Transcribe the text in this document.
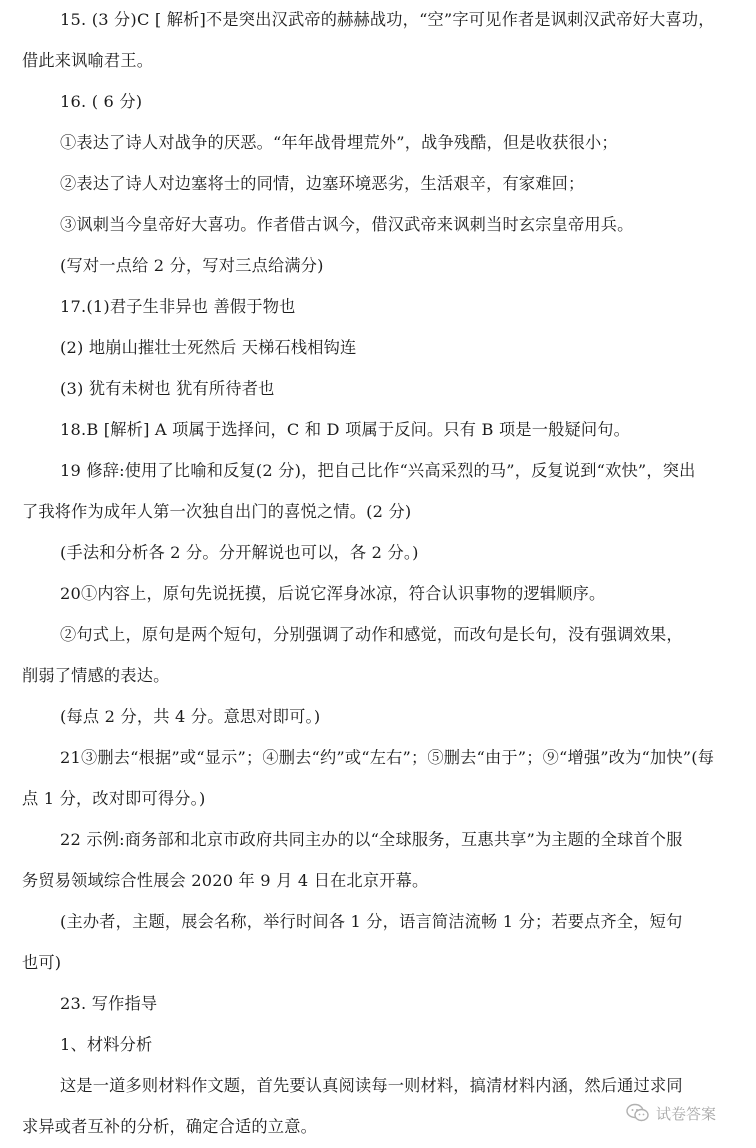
15. (3 分)C [ 解析]不是突出汉武帝的赫赫战功，“空”字可见作者是讽刺汉武帝好大喜功，
借此来讽喻君王。
16. ( 6 分)
①表达了诗人对战争的厌恶。“年年战骨埋荒外”，战争残酷，但是收获很小；
②表达了诗人对边塞将士的同情，边塞环境恶劣，生活艰辛，有家难回；
③讽刺当今皇帝好大喜功。作者借古讽今，借汉武帝来讽刺当时玄宗皇帝用兵。
(写对一点给 2 分，写对三点给满分)
17.(1)君子生非异也 善假于物也
(2) 地崩山摧壮士死然后 天梯石栈相钩连
(3) 犹有未树也 犹有所待者也
18.B [解析] A 项属于选择问，C 和 D 项属于反问。只有 B 项是一般疑问句。
19 修辞:使用了比喻和反复(2 分)，把自己比作“兴高采烈的马”，反复说到“欢快”，突出
了我将作为成年人第一次独自出门的喜悦之情。(2 分)
(手法和分析各 2 分。分开解说也可以，各 2 分。)
20①内容上，原句先说抚摸，后说它浑身冰凉，符合认识事物的逻辑顺序。
②句式上，原句是两个短句，分别强调了动作和感觉，而改句是长句，没有强调效果，
削弱了情感的表达。
(每点 2 分，共 4 分。意思对即可。)
21③删去“根据”或“显示”；④删去“约”或“左右”；⑤删去“由于”；⑨“增强”改为“加快”(每
点 1 分，改对即可得分。)
22 示例:商务部和北京市政府共同主办的以“全球服务，互惠共享”为主题的全球首个服
务贸易领域综合性展会 2020 年 9 月 4 日在北京开幕。
(主办者，主题，展会名称，举行时间各 1 分，语言简洁流畅 1 分；若要点齐全，短句
也可)
23. 写作指导
1、材料分析
这是一道多则材料作文题，首先要认真阅读每一则材料，搞清材料内涵，然后通过求同
求异或者互补的分析，确定合适的立意。
试卷答案
